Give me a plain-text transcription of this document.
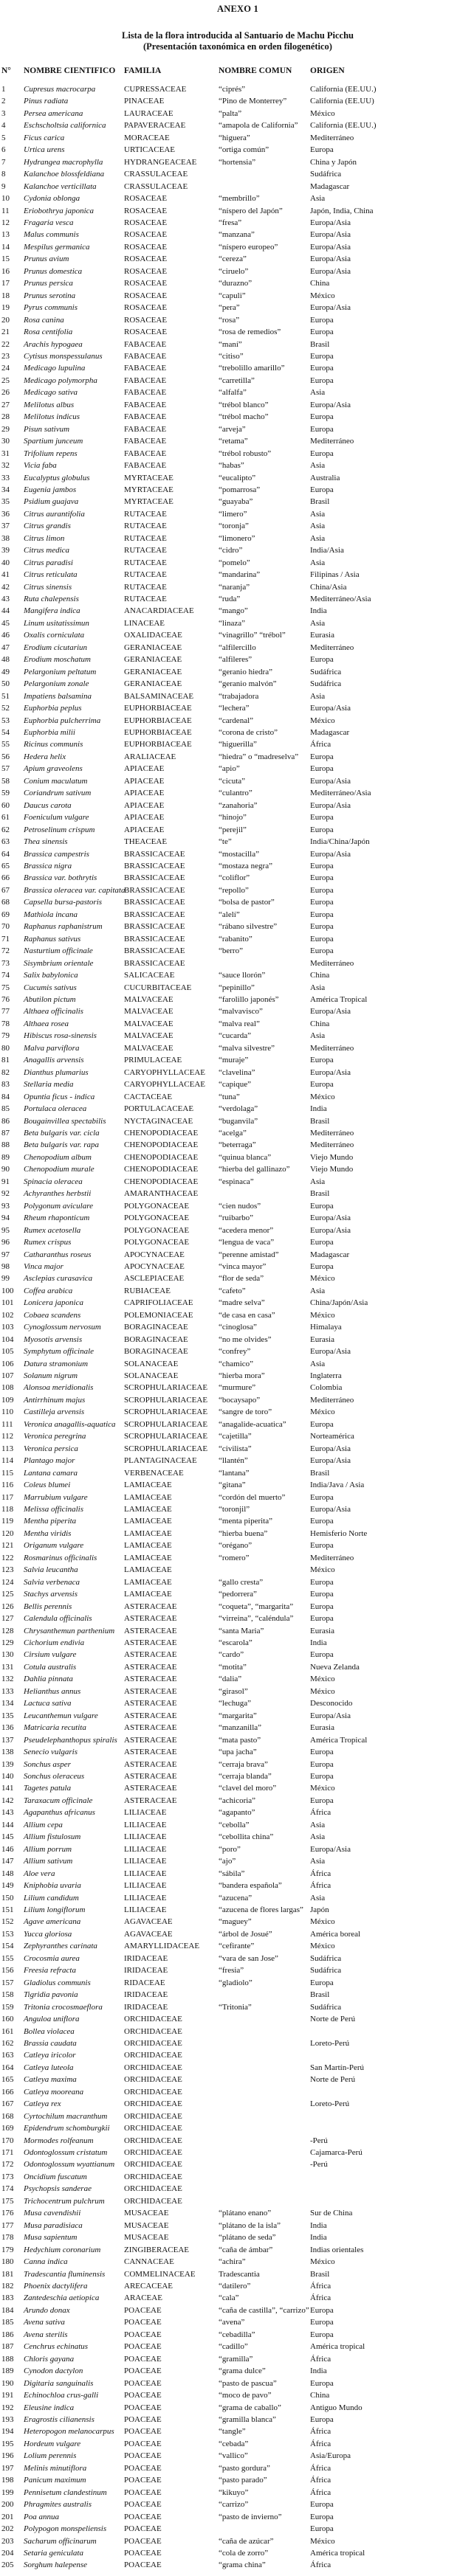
ANEXO 1
Lista de la flora introducida al Santuario de Machu Picchu
(Presentación taxonómica en orden filogenético)
N°	NOMBRE CIENTIFICO	FAMILIA	NOMBRE COMUN	ORIGEN
1	Cupresus macrocarpa	CUPRESSACEAE	“ciprés”	California (EE.UU.)
2	Pinus radiata	PINACEAE	“Pino de Monterrey”	California (EE.UU)
3	Persea americana	LAURACEAE	“palta”	México
4	Eschscholtsia californica	PAPAVERACEAE	“amapola de California”	California (EE.UU.)
5	Ficus carica	MORACEAE	“higuera”	Mediterráneo
6	Urtica urens	URTICACEAE	“ortiga común”	Europa
7	Hydrangea macrophylla	HYDRANGEACEAE	“hortensia”	China y Japón
8	Kalanchoe blossfeldiana	CRASSULACEAE		Sudáfrica
9	Kalanchoe verticillata	CRASSULACEAE		Madagascar
10	Cydonia oblonga	ROSACEAE	“membrillo”	Asia
11	Eriobothrya japonica	ROSACEAE	“níspero del Japón”	Japón, India, China
12	Fragaria vesca	ROSACEAE	“fresa”	Europa/Asia
13	Malus communis	ROSACEAE	“manzana”	Europa/Asia
14	Mespilus germanica	ROSACEAE	“níspero europeo”	Europa/Asia
15	Prunus avium	ROSACEAE	“cereza”	Europa/Asia
16	Prunus domestica	ROSACEAE	“ciruelo”	Europa/Asia
17	Prunus persica	ROSACEAE	“durazno”	China
18	Prunus serotina	ROSACEAE	“capuli”	México
19	Pyrus communis	ROSACEAE	“pera”	Europa/Asia
20	Rosa canina	ROSACEAE	“rosa”	Europa
21	Rosa centifolia	ROSACEAE	“rosa de remedios”	Europa
22	Arachis hypogaea	FABACEAE	“maní”	Brasil
23	Cytisus monspessulanus	FABACEAE	“citiso”	Europa
24	Medicago lupulina	FABACEAE	“trebolillo amarillo”	Europa
25	Medicago polymorpha	FABACEAE	“carretilla”	Europa
26	Medicago sativa	FABACEAE	“alfalfa”	Asia
27	Melilotus albus	FABACEAE	“trébol blanco”	Europa/Asia
28	Melilotus indicus	FABACEAE	“trébol macho”	Europa
29	Pisun sativum	FABACEAE	“arveja”	Europa
30	Spartium junceum	FABACEAE	“retama”	Mediterráneo
31	Trifolium repens	FABACEAE	“trébol robusto”	Europa
32	Vicia faba	FABACEAE	“habas”	Asia
33	Eucalyptus globulus	MYRTACEAE	“eucalipto”	Australia
34	Eugenia jambos	MYRTACEAE	“pomarrosa”	Europa
35	Psidium guajava	MYRTACEAE	“guayaba”	Brasil
36	Citrus aurantifolia	RUTACEAE	“limero”	Asia
37	Citrus grandis	RUTACEAE	“toronja”	Asia
38	Citrus limon	RUTACEAE	“limonero”	Asia
39	Citrus medica	RUTACEAE	“cidro”	India/Asia
40	Citrus paradisi	RUTACEAE	“pomelo”	Asia
41	Citrus reticulata	RUTACEAE	“mandarina”	Filipinas / Asia
42	Citrus sinensis	RUTACEAE	“naranja”	China/Asia
43	Ruta chalepensis	RUTACEAE	“ruda”	Mediterráneo/Asia
44	Mangifera indica	ANACARDIACEAE	“mango”	India
45	Linum usitatissimun	LINACEAE	“linaza”	Asia
46	Oxalis corniculata	OXALIDACEAE	“vinagrillo” “trébol”	Eurasia
47	Erodium cicutariun	GERANIACEAE	“alfilercillo	Mediterráneo
48	Erodium moschatum	GERANIACEAE	“alfileres”	Europa
49	Pelargonium peltatum	GERANIACEAE	“geranio hiedra”	Sudáfrica
50	Pelargonium zonale	GERANIACEAE	“geranio malvón”	Sudáfrica
51	Impatiens balsamina	BALSAMINACEAE	“trabajadora	Asia
52	Euphorbia peplus	EUPHORBIACEAE	“lechera”	Europa/Asia
53	Euphorbia pulcherrima	EUPHORBIACEAE	“cardenal”	México
54	Euphorbia milii	EUPHORBIACEAE	“corona de cristo”	Madagascar
55	Ricinus communis	EUPHORBIACEAE	“higuerilla”	África
56	Hedera helix	ARALIACEAE	“hiedra” o “madreselva”	Europa
57	Apium graveolens	APIACEAE	“apio”	Europa
58	Conium maculatum	APIACEAE	“cicuta”	Europa/Asia
59	Coriandrum sativum	APIACEAE	“culantro”	Mediterráneo/Asia
60	Daucus carota	APIACEAE	“zanahoria”	Europa/Asia
61	Foeniculum vulgare	APIACEAE	“hinojo”	Europa
62	Petroselinum crispum	APIACEAE	“perejil”	Europa
63	Thea sinensis	THEACEAE	“te”	India/China/Japón
64	Brassica campestris	BRASSICACEAE	“mostacilla”	Europa/Asia
65	Brassica nigra	BRASSICACEAE	“mostaza negra”	Europa
66	Brassica var. bothrytis	BRASSICACEAE	“coliflor”	Europa
67	Brassica oleracea var. capitata	BRASSICACEAE	“repollo”	Europa
68	Capsella bursa-pastoris	BRASSICACEAE	“bolsa de pastor”	Europa
69	Mathiola incana	BRASSICACEAE	“alelí”	Europa
70	Raphanus raphanistrum	BRASSICACEAE	“rábano silvestre”	Europa
71	Raphanus sativus	BRASSICACEAE	“rabanito”	Europa
72	Nasturtium officinale	BRASSICACEAE	“berro”	Europa
73	Sisymbrium orientale	BRASSICACEAE		Mediterráneo
74	Salix babylonica	SALICACEAE	“sauce llorón”	China
75	Cucumis sativus	CUCURBITACEAE	“pepinillo”	Asia
76	Abutilon pictum	MALVACEAE	“farolillo japonés”	América Tropical
77	Althaea officinalis	MALVACEAE	“malvavisco”	Europa/Asia
78	Althaea rosea	MALVACEAE	“malva real”	China
79	Hibiscus rosa-sinensis	MALVACEAE	“cucarda”	Asia
80	Malva parviflora	MALVACEAE	“malva silvestre”	Mediterráneo
81	Anagallis arvensis	PRIMULACEAE	“muraje”	Europa
82	Dianthus plumarius	CARYOPHYLLACEAE	“clavelina”	Europa/Asia
83	Stellaria media	CARYOPHYLLACEAE	“capique”	Europa
84	Opuntia ficus - indica	CACTACEAE	“tuna”	México
85	Portulaca oleracea	PORTULACACEAE	“verdolaga”	India
86	Bougainvillea spectabilis	NYCTAGINACEAE	“buganvila”	Brasil
87	Beta bulgaris var. cicla	CHENOPODIACEAE	“acelga”	Mediterráneo
88	Beta bulgaris var. rapa	CHENOPODIACEAE	“beterraga”	Mediterráneo
89	Chenopodium album	CHENOPODIACEAE	“quinua blanca”	Viejo Mundo
90	Chenopodium murale	CHENOPODIACEAE	“hierba del gallinazo”	Viejo Mundo
91	Spinacia oleracea	CHENOPODIACEAE	“espinaca”	Asia
92	Achyranthes herbstii	AMARANTHACEAE		Brasil
93	Polygonum aviculare	POLYGONACEAE	“cien nudos”	Europa
94	Rheum rhaponticum	POLYGONACEAE	“ruibarbo”	Europa/Asia
95	Rumex acetosella	POLYGONACEAE	“acedera menor”	Europa/Asia
96	Rumex crispus	POLYGONACEAE	“lengua de vaca”	Europa
97	Catharanthus roseus	APOCYNACEAE	“perenne amistad”	Madagascar
98	Vinca major	APOCYNACEAE	“vinca mayor”	Europa
99	Asclepias curasavica	ASCLEPIACEAE	“flor de seda”	México
100	Coffea arabica	RUBIACEAE	“cafeto”	Asia
101	Lonicera japonica	CAPRIFOLIACEAE	“madre selva”	China/Japón/Asia
102	Cobaea scandens	POLEMONIACEAE	“de casa en casa”	México
103	Cynoglossum nervosum	BORAGINACEAE	“cinoglosa”	Himalaya
104	Myosotis arvensis	BORAGINACEAE	“no me olvides”	Eurasia
105	Symphytum officinale	BORAGINACEAE	“confrey”	Europa/Asia
106	Datura stramonium	SOLANACEAE	“chamico”	Asia
107	Solanum nigrum	SOLANACEAE	“hierba mora”	Inglaterra
108	Alonsoa meridionalis	SCROPHULARIACEAE	“murmure”	Colombia
109	Antirrhinum majus	SCROPHULARIACEAE	“bocaysapo”	Mediterráneo
110	Castilleja arvensis	SCROPHULARIACEAE	“sangre de toro”	México
111	Veronica anagallis-aquatica	SCROPHULARIACEAE	“anagalide-acuatica”	Europa
112	Veronica peregrina	SCROPHULARIACEAE	“cajetilla”	Norteamérica
113	Veronica persica	SCROPHULARIACEAE	“civilista”	Europa/Asia
114	Plantago major	PLANTAGINACEAE	“llantén”	Europa/Asia
115	Lantana camara	VERBENACEAE	“lantana”	Brasil
116	Coleus blumei	LAMIACEAE	“gitana”	India/Java / Asia
117	Marrubium vulgare	LAMIACEAE	“cordón del muerto”	Europa
118	Melissa officinalis	LAMIACEAE	“toronjil”	Europa/Asia
119	Mentha piperita	LAMIACEAE	“menta piperita”	Europa
120	Mentha viridis	LAMIACEAE	“hierba buena”	Hemisferio Norte
121	Origanum vulgare	LAMIACEAE	“orégano”	Europa
122	Rosmarinus officinalis	LAMIACEAE	“romero”	Mediterráneo
123	Salvia leucantha	LAMIACEAE		México
124	Salvia verbenaca	LAMIACEAE	“gallo cresta”	Europa
125	Stachys arvensis	LAMIACEAE	“pedorrera”	Europa
126	Bellis perennis	ASTERACEAE	“coqueta”, “margarita”	Europa
127	Calendula officinalis	ASTERACEAE	“virreina”, “caléndula”	Europa
128	Chrysanthemun parthenium	ASTERACEAE	“santa Maria”	Eurasia
129	Cichorium endivia	ASTERACEAE	“escarola”	India
130	Cirsium vulgare	ASTERACEAE	“cardo”	Europa
131	Cotula australis	ASTERACEAE	“motita”	Nueva Zelanda
132	Dahlia pinnata	ASTERACEAE	“dalia”	México
133	Helianthus annus	ASTERACEAE	“girasol”	México
134	Lactuca sativa	ASTERACEAE	“lechuga”	Desconocido
135	Leucanthemun vulgare	ASTERACEAE	“margarita”	Europa/Asia
136	Matricaria recutita	ASTERACEAE	“manzanilla”	Eurasia
137	Pseudelephanthopus spiralis	ASTERACEAE	“mata pasto”	América Tropical
138	Senecio vulgaris	ASTERACEAE	“upa jacha”	Europa
139	Sonchus asper	ASTERACEAE	“cerraja brava”	Europa
140	Sonchus oleraceus	ASTERACEAE	“cerraja blanda”	Europa
141	Tagetes patula	ASTERACEAE	“clavel del moro”	México
142	Taraxacum officinale	ASTERACEAE	“achicoria”	Europa
143	Agapanthus africanus	LILIACEAE	“agapanto”	África
144	Allium cepa	LILIACEAE	“cebolla”	Asia
145	Allium fistulosum	LILIACEAE	“cebollita china”	Asia
146	Allium porrum	LILIACEAE	“poro”	Europa/Asia
147	Allium sativum	LILIACEAE	“ajo”	Asia
148	Aloe vera	LILIACEAE	“sábila”	África
149	Kniphobia uvaria	LILIACEAE	“bandera española”	África
150	Lilium candidum	LILIACEAE	“azucena”	Asia
151	Lilium longiflorum	LILIACEAE	“azucena de flores largas”	Japón
152	Agave americana	AGAVACEAE	“maguey”	México
153	Yucca gloriosa	AGAVACEAE	“árbol de Josué”	América boreal
154	Zephyranthes carinata	AMARYLLIDACEAE	“cefirante”	México
155	Crocosmia aurea	IRIDACEAE	“vara de san Jose”	Sudáfrica
156	Freesia refracta	IRIDACEAE	“fresia”	Sudáfrica
157	Gladiolus communis	RIDACEAE	“gladiolo”	Europa
158	Tigridia pavonia	IRIDACEAE		Brasil
159	Tritonia crocosmaeflora	IRIDACEAE	“Tritonia”	Sudáfrica
160	Anguloa uniflora	ORCHIDACEAE		Norte de Perú
161	Bollea violacea	ORCHIDACEAE		
162	Brassia caudata	ORCHIDACEAE		Loreto-Perú
163	Catleya iricolor	ORCHIDACEAE		
164	Catleya luteola	ORCHIDACEAE		San Martín-Perú
165	Catleya maxima	ORCHIDACEAE		Norte de Perú
166	Catleya mooreana	ORCHIDACEAE		
167	Catleya rex	ORCHIDACEAE		Loreto-Perú
168	Cyrtochilum macranthum	ORCHIDACEAE		
169	Epidendrum schomburgkii	ORCHIDACEAE		
170	Mormodes rolfeanum	ORCHIDACEAE		-Perú
171	Odontoglossum cristatum	ORCHIDACEAE		Cajamarca-Perú
172	Odontoglossum wyattianum	ORCHIDACEAE		-Perú
173	Oncidium fuscatum	ORCHIDACEAE		
174	Psychopsis sanderae	ORCHIDACEAE		
175	Trichocentrum pulchrum	ORCHIDACEAE		
176	Musa cavendishii	MUSACEAE	“plátano enano”	Sur de China
177	Musa paradisiaca	MUSACEAE	“plátano de la isla”	India
178	Musa sapientum	MUSACEAE	“plátano de seda”	India
179	Hedychium coronarium	ZINGIBERACEAE	“caña de ámbar”	Indias orientales
180	Canna indica	CANNACEAE	“achira”	México
181	Tradescantia fluminensis	COMMELINACEAE	Tradescantia	Brasil
182	Phoenix dactylifera	ARECACEAE	“datilero”	África
183	Zantedeschia aetiopica	ARACEAE	“cala”	África
184	Arundo donax	POACEAE	“caña de castilla”, “carrizo”	Europa
185	Avena sativa	POACEAE	“avena”	Europa
186	Avena sterilis	POACEAE	“cebadilla”	Europa
187	Cenchrus echinatus	POACEAE	“cadillo”	América tropical
188	Chloris gayana	POACEAE	“gramilla”	África
189	Cynodon dactylon	POACEAE	“grama dulce”	India
190	Digitaria sanguinalis	POACEAE	“pasto de pascua”	Europa
191	Echinochloa crus-galli	POACEAE	“moco de pavo”	China
192	Eleusine indica	POACEAE	“grama de caballo”	Antiguo Mundo
193	Eragrostis cilianensis	POACEAE	“gramilla blanca”	Europa
194	Heteropogon melanocarpus	POACEAE	“tangle”	África
195	Hordeum vulgare	POACEAE	“cebada”	África
196	Lolium perennis	POACEAE	“vallico”	Asia/Europa
197	Melinis minutiflora	POACEAE	“pasto gordura”	África
198	Panicum maximum	POACEAE	“pasto parado”	África
199	Pennisetum clandestinum	POACEAE	“kikuyo”	África
200	Phragmites australis	POACEAE	“carrizo”	Europa
201	Poa annua	POACEAE	“pasto de invierno”	Europa
202	Polypogon monspeliensis	POACEAE		Europa
203	Sacharum officinarum	POACEAE	“caña de azúcar”	México
204	Setaria geniculata	POACEAE	“cola de zorro”	América tropical
205	Sorghum halepense	POACEAE	“grama china”	África
